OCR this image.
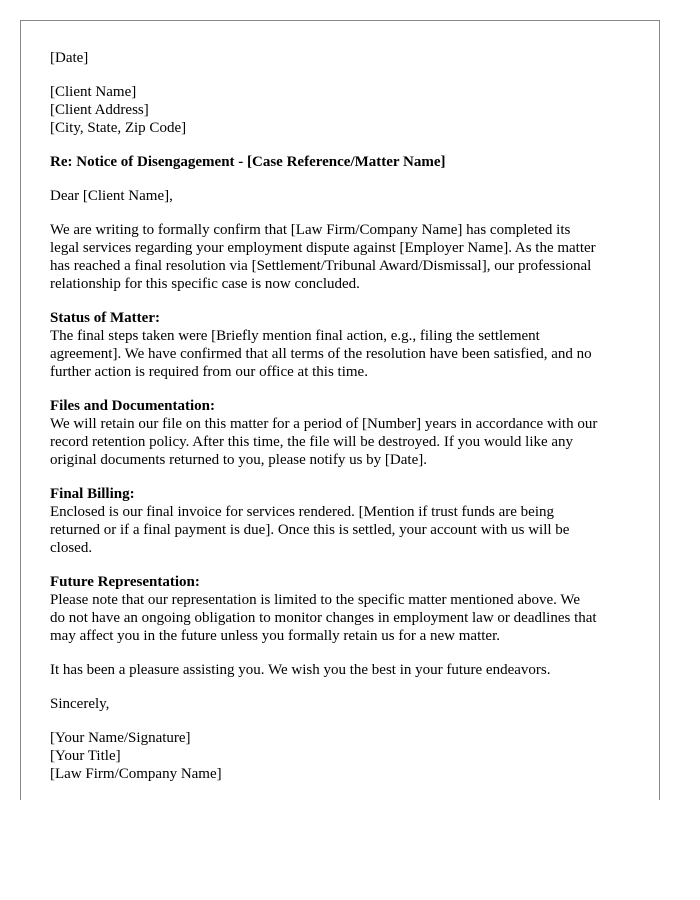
[Date]
[Client Name]
[Client Address]
[City, State, Zip Code]
Re: Notice of Disengagement - [Case Reference/Matter Name]
Dear [Client Name],
We are writing to formally confirm that [Law Firm/Company Name] has completed its
legal services regarding your employment dispute against [Employer Name]. As the matter
has reached a final resolution via [Settlement/Tribunal Award/Dismissal], our professional
relationship for this specific case is now concluded.
Status of Matter:
The final steps taken were [Briefly mention final action, e.g., filing the settlement
agreement]. We have confirmed that all terms of the resolution have been satisfied, and no
further action is required from our office at this time.
Files and Documentation:
We will retain our file on this matter for a period of [Number] years in accordance with our
record retention policy. After this time, the file will be destroyed. If you would like any
original documents returned to you, please notify us by [Date].
Final Billing:
Enclosed is our final invoice for services rendered. [Mention if trust funds are being
returned or if a final payment is due]. Once this is settled, your account with us will be
closed.
Future Representation:
Please note that our representation is limited to the specific matter mentioned above. We
do not have an ongoing obligation to monitor changes in employment law or deadlines that
may affect you in the future unless you formally retain us for a new matter.
It has been a pleasure assisting you. We wish you the best in your future endeavors.
Sincerely,
[Your Name/Signature]
[Your Title]
[Law Firm/Company Name]
